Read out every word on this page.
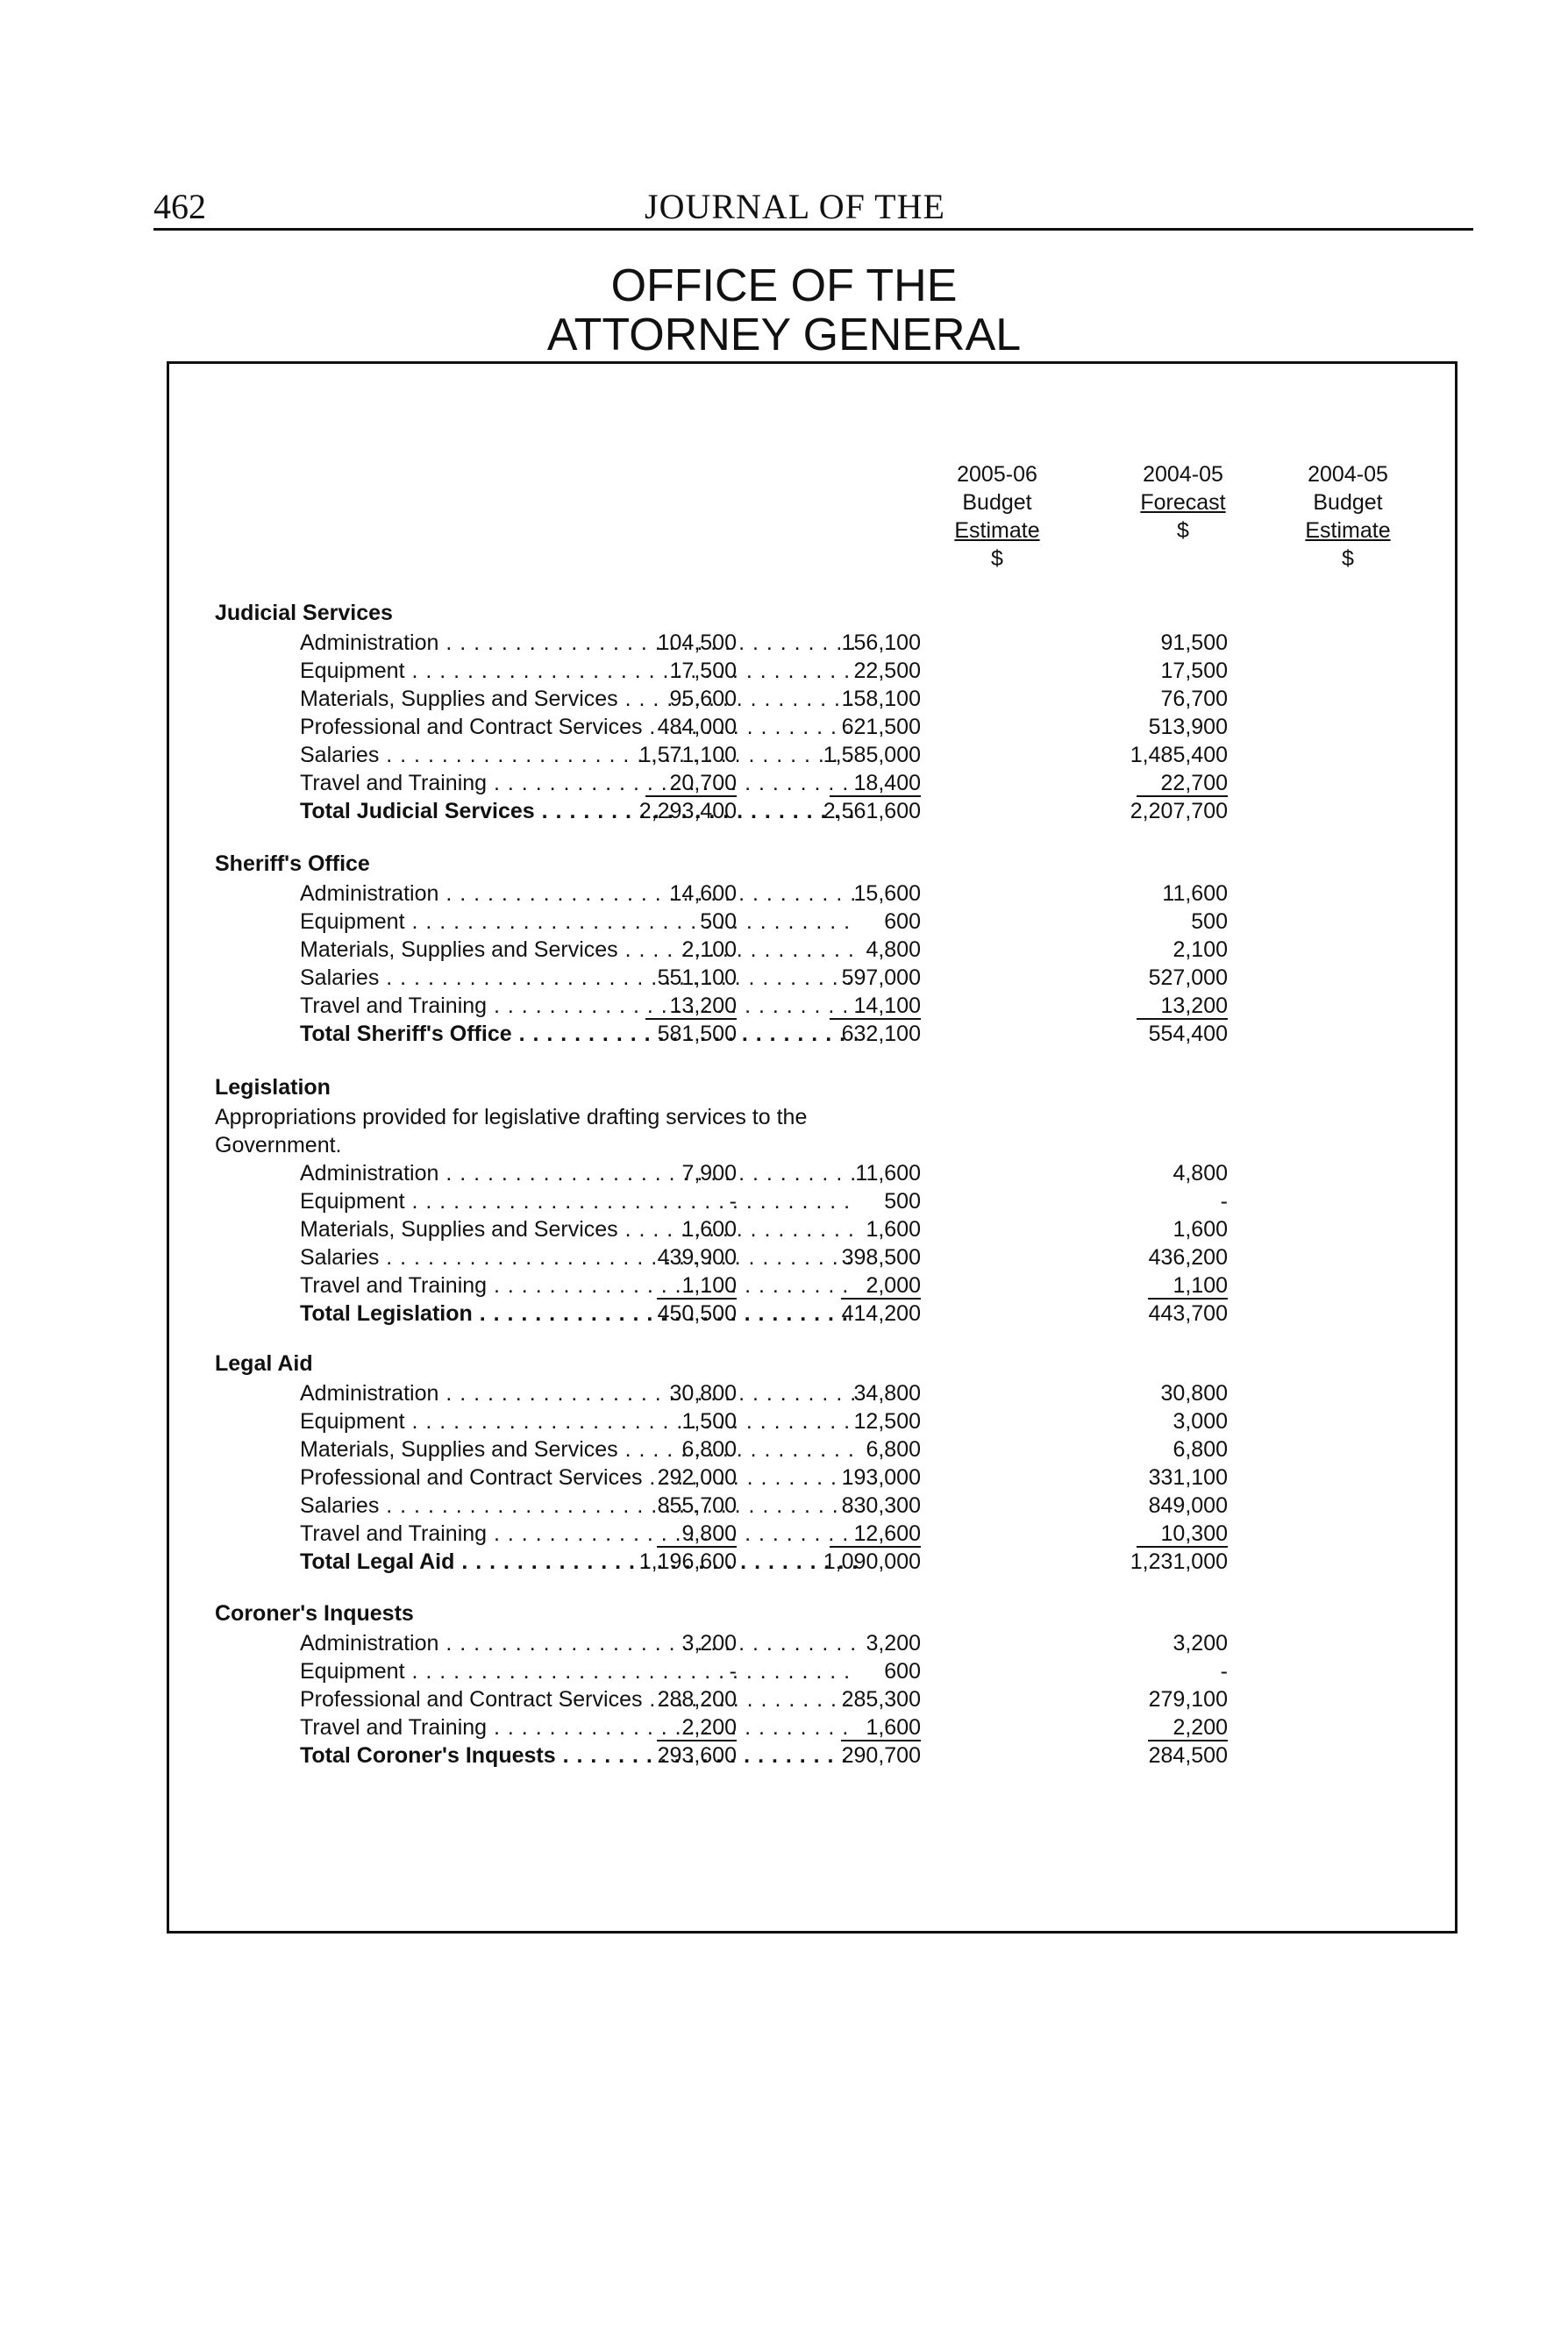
462	JOURNAL OF THE
OFFICE OF THE
ATTORNEY GENERAL
2005-06
Budget
Estimate
$
2004-05
Forecast
$
2004-05
Budget
Estimate
$
Judicial Services
Administration . . .	104,500	156,100	91,500
Equipment . . .	17,500	22,500	17,500
Materials, Supplies and Services . . .	95,600	158,100	76,700
Professional and Contract Services . . . 484,000	621,500	513,900
Salaries . . .	1,571,100	1,585,000	1,485,400
Travel and Training . . .	20,700	18,400	22,700
Total Judicial Services . . .	2,293,400	2,561,600	2,207,700
Sheriff's Office
Administration . . .	14,600	15,600	11,600
Equipment . . .	500	600	500
Materials, Supplies and Services . . .	2,100	4,800	2,100
Salaries . . .	551,100	597,000	527,000
Travel and Training . . .	13,200	14,100	13,200
Total Sheriff's Office . . .	581,500	632,100	554,400
Legislation
Appropriations provided for legislative drafting services to the Government.
Administration . . .	7,900	11,600	4,800
Equipment . . .	-	500	-
Materials, Supplies and Services . . .	1,600	1,600	1,600
Salaries . . .	439,900	398,500	436,200
Travel and Training . . .	1,100	2,000	1,100
Total Legislation . . .	450,500	414,200	443,700
Legal Aid
Administration . . .	30,800	34,800	30,800
Equipment . . .	1,500	12,500	3,000
Materials, Supplies and Services . . .	6,800	6,800	6,800
Professional and Contract Services . . . 292,000	193,000	331,100
Salaries . . .	855,700	830,300	849,000
Travel and Training . . .	9,800	12,600	10,300
Total Legal Aid . . .	1,196,600	1,090,000	1,231,000
Coroner's Inquests
Administration . . .	3,200	3,200	3,200
Equipment . . .	-	600	-
Professional and Contract Services . . . 288,200	285,300	279,100
Travel and Training . . .	2,200	1,600	2,200
Total Coroner's Inquests . . .	293,600	290,700	284,500
